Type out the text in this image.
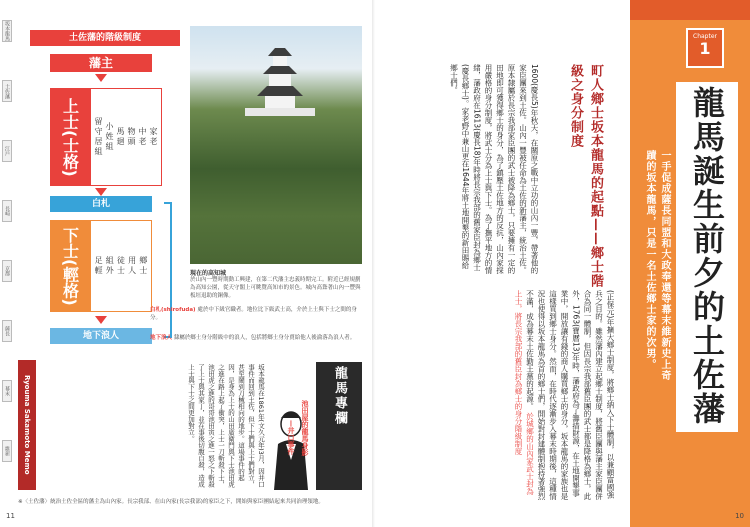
坂本龍馬
土佐藩
江戶
長崎
京都
薩長
幕末
維新
土佐藩的階級制度
藩主
上士(士格)	家老
中老
物頭
馬廻
小姓組
留守居組
白札
下士(輕格)	鄉士
用人
徒士
組外
足輕
地下浪人
現在的高知城
於山內一豐時期動工興建，在第二代藩主忠義時期完工。附近已經規劃為高知公園，從天守閣上可眺覽高知市的景色。城內高聳著山內一豐與板垣退助的銅像。
白札(shirofuda) 處於中下級官職者。地位比下級武士高，介於上士與下士之間的身分。
地下浪人 隸屬於鄉士身分階級中的浪人，包括將鄉士身分賣給他人後淪落為浪人者。
Ryouma Sakamoto Memo	坂本龍馬在1861年(文久元年)3月，因井口事件而回到土佐，但下士們與上士們對立，甚至鬧到刀械相向的地步。這場事件的起因，是身為上士的山田廣衛門與下士池田虎之進在路上起了衝突，上士一刀斬殺下士，池田虎之進的哥哥池田寅之進一怒之下斬殺了上士與其家丁，並在事後切腹自殺，造成上士與下士之間更加對立。	龍馬專欄
池田屋的龍馬身影
—井口事件
※〈土佐藩〉統治土佐全區的藩主為山內家。長宗我部、在山內家(長宗我部)的家臣之下，開始與家臣團結起來共同治理領地。
11
Chapter
1
龍馬誕生前夕的土佐藩
一手促成薩長同盟和大政奉還等幕末維新史上奇蹟的坂本龍馬，只是一名土佐鄉士家的次男。
町人鄉士坂本龍馬的起點——鄉士階級之身分制度
1600(慶長5)年秋天，在關原之戰中立功的山內一豐，帶著他的家臣團來到土佐。山內一豐被任命為土佐的新藩主，統治土佐。原本隸屬於長宗我部家臣團的武士被降為鄉士，只要擁有一定的田地即可獲得鄉士的身分，為了鎮壓土佐地方的反抗，山內家採用嚴格的身分制度，將武士分為上士與下士。為了撫平地方的情緒，藩政府在1613(慶長18)年時將長宗我部的舊家臣封為鄉士(慶長鄉士)。家老野中兼山更在1644年將土地開墾的新田賜給鄉士們。
(正保元)年擴大鄉士制度，將鄉士納入下士體制，以兼顧富國強兵之目的。雖然藩內建立起鄉士制度，將舊臣團與藩主家臣團併合為同一體制，但因長宗我部舊臣團的武士都是降格為鄉士，此外，1763(寶曆13)年時，藩政府為了籌措財源，在土地開墾事業中，開放讓有錢的商人購買鄉士的身分，坂本龍馬的家族也是這樣買到鄉士身分。然而，在時代逐漸步入幕末時期後，這種情況也使得以坂本龍馬為首的鄉士們，開始對封建體制抱持著強烈不滿，成為幕末土佐勤王黨的起源。 於城鄉的山內家武士封為上士，將長宗我部的舊臣封為鄉士的身分階級制度
10
